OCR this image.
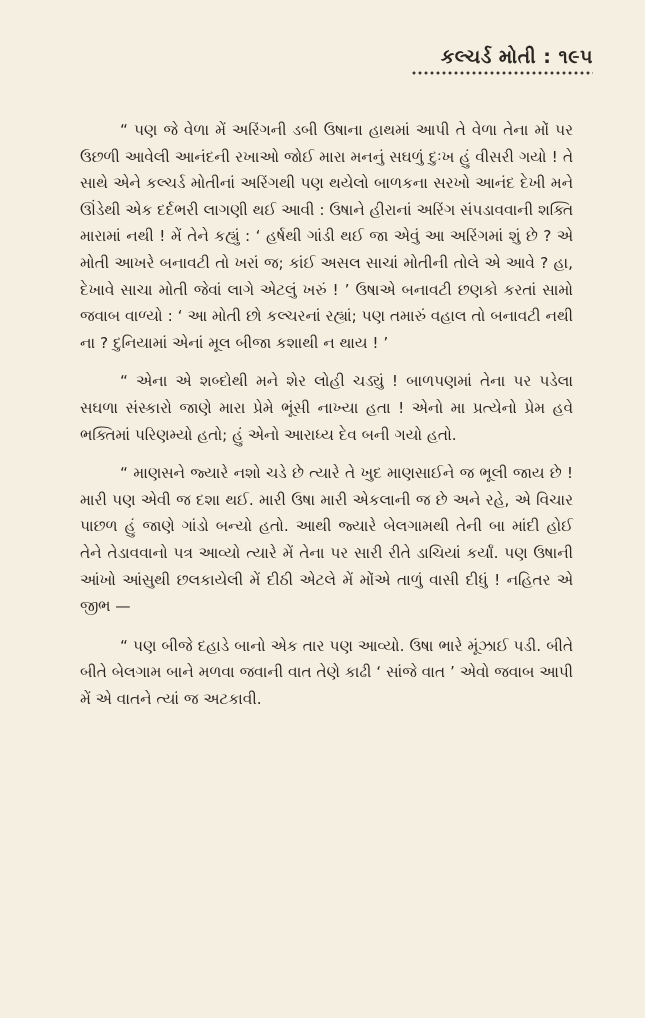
કલ્ચર્ડ મોતી : ૧૯૫

“ પણ જે વેળા મેં અરિંગની ડબી ઉષાના હાથમાં આપી તે વેળા તેના મોં પર ઉછળી આવેલી આનંદની રખાઓ જોઈ મારા મનનું સઘળું દુઃખ હું વીસરી ગયો ! તે સાથે એને કલ્ચર્ડ મોતીનાં અરિંગથી પણ થયેલો બાળકના સરખો આનંદ દેખી મને ઊંડેથી એક દર્દભરી લાગણી થઈ આવી : ઉષાને હીરાનાં અરિંગ સંપડાવવાની શક્તિ મારામાં નથી ! મેં તેને કહ્યું : ‘ હર્ષથી ગાંડી થઈ જા એવું આ અરિંગમાં શું છે ? એ મોતી આખરે બનાવટી તો ખરાં જ; કાંઈ અસલ સાચાં મોતીની તોલે એ આવે ? હા, દેખાવે સાચા મોતી જેવાં લાગે એટલું ખરું ! ’ ઉષાએ બનાવટી છણકો કરતાં સામો જવાબ વાળ્યો : ‘ આ મોતી છો કલ્ચરનાં રહ્યાં; પણ તમારું વહાલ તો બનાવટી નથી ના ? દુનિયામાં એનાં મૂલ બીજા કશાથી ન થાય ! ’

“ એના એ શબ્દોથી મને શેર લોહી ચડ્યું ! બાળપણમાં તેના પર પડેલા સઘળા સંસ્કારો જાણે મારા પ્રેમે ભૂંસી નાખ્યા હતા ! એનો મા પ્રત્યેનો પ્રેમ હવે ભક્તિમાં પરિણમ્યો હતો; હું એનો આરાધ્ય દેવ બની ગયો હતો.

“ માણસને જ્યારે નશો ચડે છે ત્યારે તે ખુદ માણસાઈને જ ભૂલી જાય છે ! મારી પણ એવી જ દશા થઈ. મારી ઉષા મારી એકલાની જ છે અને રહે, એ વિચાર પાછળ હું જાણે ગાંડો બન્યો હતો. આથી જ્યારે બેલગામથી તેની બા માંદી હોઈ તેને તેડાવવાનો પત્ર આવ્યો ત્યારે મેં તેના પર સારી રીતે ડાચિયાં કર્યાં. પણ ઉષાની આંખો આંસુથી છલકાયેલી મેં દીઠી એટલે મેં મોંએ તાળું વાસી દીધું ! નહિતર એ જીભ —

“ પણ બીજે દહાડે બાનો એક તાર પણ આવ્યો. ઉષા ભારે મૂંઝાઈ પડી. બીતે બીતે બેલગામ બાને મળવા જવાની વાત તેણે કાઢી ‘ સાંજે વાત ’ એવો જવાબ આપી મેં એ વાતને ત્યાં જ અટકાવી.
